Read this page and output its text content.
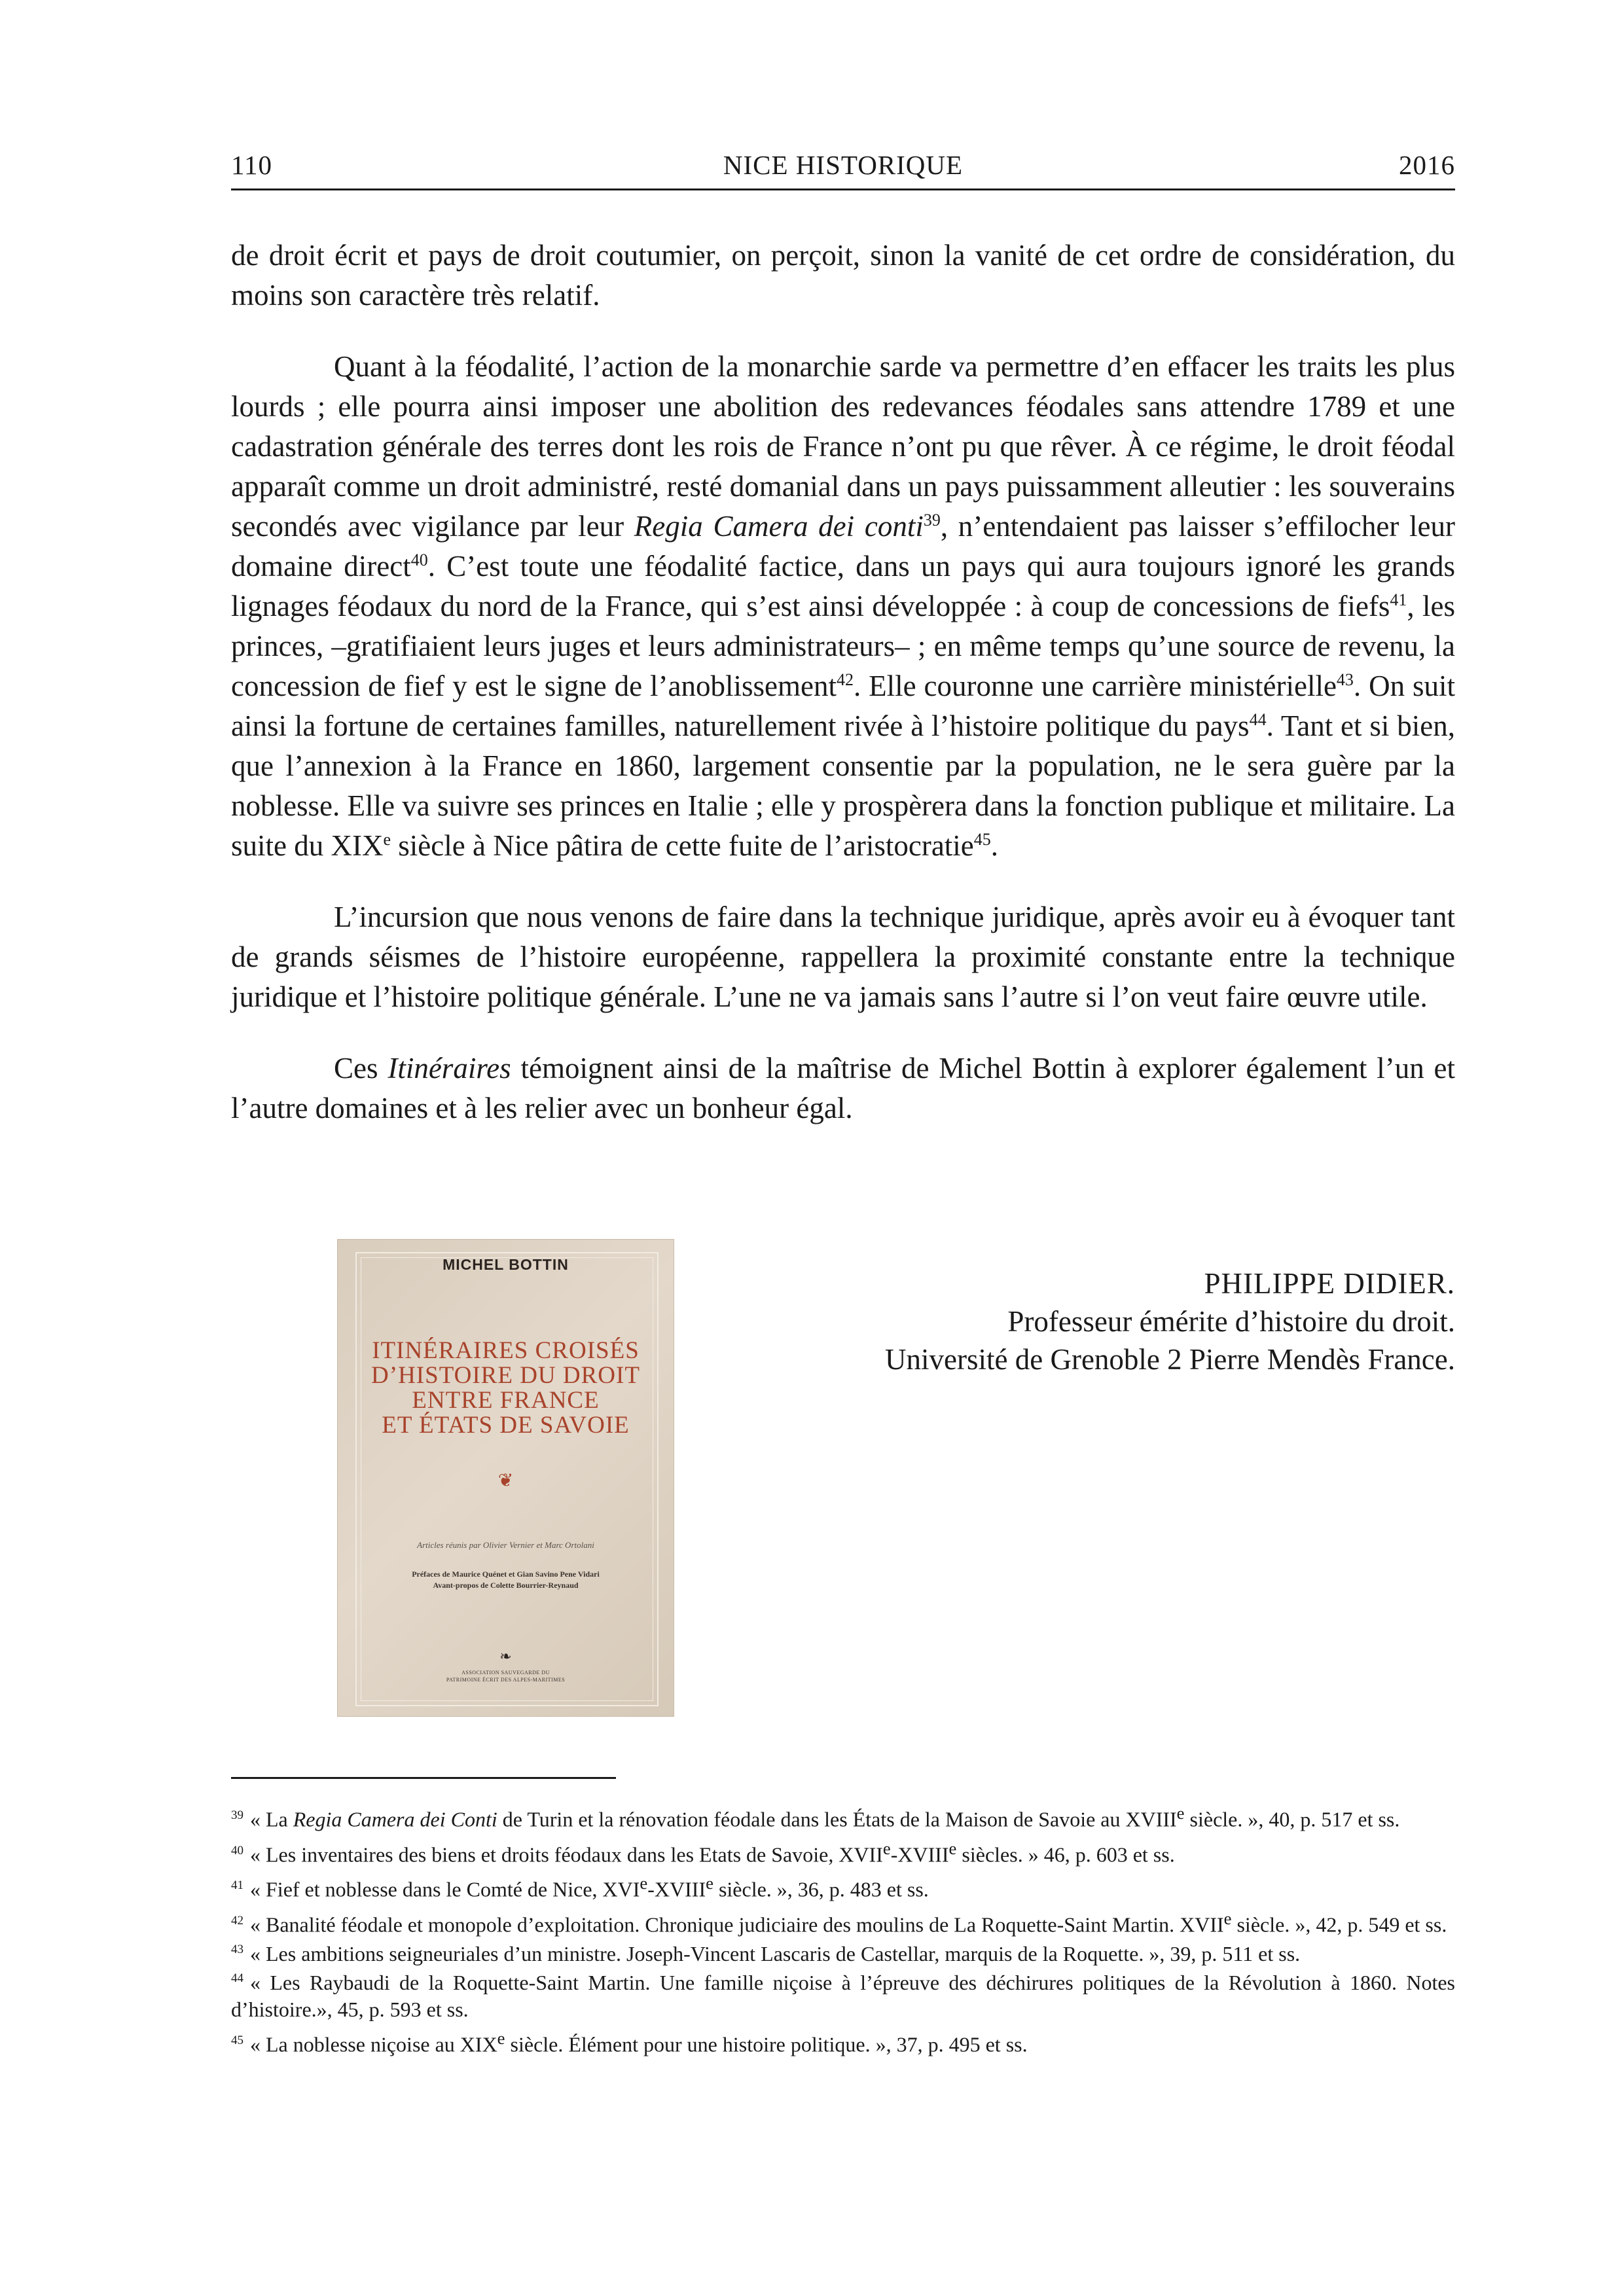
110	NICE HISTORIQUE	2016

de droit écrit et pays de droit coutumier, on perçoit, sinon la vanité de cet ordre de considération, du moins son caractère très relatif.

Quant à la féodalité, l’action de la monarchie sarde va permettre d’en effacer les traits les plus lourds ; elle pourra ainsi imposer une abolition des redevances féodales sans attendre 1789 et une cadastration générale des terres dont les rois de France n’ont pu que rêver. À ce régime, le droit féodal apparaît comme un droit administré, resté domanial dans un pays puissamment alleutier : les souverains secondés avec vigilance par leur Regia Camera dei conti$^{39}$, n’entendaient pas laisser s’effilocher leur domaine direct$^{40}$. C’est toute une féodalité factice, dans un pays qui aura toujours ignoré les grands lignages féodaux du nord de la France, qui s’est ainsi développée : à coup de concessions de fiefs$^{41}$, les princes, –gratifiaient leurs juges et leurs administrateurs– ; en même temps qu’une source de revenu, la concession de fief y est le signe de l’anoblissement$^{42}$. Elle couronne une carrière ministérielle$^{43}$. On suit ainsi la fortune de certaines familles, naturellement rivée à l’histoire politique du pays$^{44}$. Tant et si bien, que l’annexion à la France en 1860, largement consentie par la population, ne le sera guère par la noblesse. Elle va suivre ses princes en Italie ; elle y prospèrera dans la fonction publique et militaire. La suite du XIXe siècle à Nice pâtira de cette fuite de l’aristocratie$^{45}$.

L’incursion que nous venons de faire dans la technique juridique, après avoir eu à évoquer tant de grands séismes de l’histoire européenne, rappellera la proximité constante entre la technique juridique et l’histoire politique générale. L’une ne va jamais sans l’autre si l’on veut faire œuvre utile.

Ces Itinéraires témoignent ainsi de la maîtrise de Michel Bottin à explorer également l’un et l’autre domaines et à les relier avec un bonheur égal.

MICHEL BOTTIN
ITINÉRAIRES CROISÉS
D’HISTOIRE DU DROIT
ENTRE FRANCE
ET ÉTATS DE SAVOIE
❦
Articles réunis par Olivier Vernier et Marc Ortolani
Préfaces de Maurice Quénet et Gian Savino Pene Vidari
Avant-propos de Colette Bourrier-Reynaud
❧
ASSOCIATION SAUVEGARDE DU
PATRIMOINE ÉCRIT DES ALPES-MARITIMES
PHILIPPE DIDIER.
Professeur émérite d’histoire du droit.
Université de Grenoble 2 Pierre Mendès France.

$^{39}$ « La Regia Camera dei Conti de Turin et la rénovation féodale dans les États de la Maison de Savoie au XVIIIe siècle. », 40, p. 517 et ss.

$^{40}$ « Les inventaires des biens et droits féodaux dans les Etats de Savoie, XVIIe-XVIIIe siècles. » 46, p. 603 et ss.

$^{41}$ « Fief et noblesse dans le Comté de Nice, XVIe-XVIIIe siècle. », 36, p. 483 et ss.

$^{42}$ « Banalité féodale et monopole d’exploitation. Chronique judiciaire des moulins de La Roquette-Saint Martin. XVIIe siècle. », 42, p. 549 et ss.

$^{43}$ « Les ambitions seigneuriales d’un ministre. Joseph-Vincent Lascaris de Castellar, marquis de la Roquette. », 39, p. 511 et ss.

$^{44}$ « Les Raybaudi de la Roquette-Saint Martin. Une famille niçoise à l’épreuve des déchirures politiques de la Révolution à 1860. Notes d’histoire.», 45, p. 593 et ss.

$^{45}$ « La noblesse niçoise au XIXe siècle. Élément pour une histoire politique. », 37, p. 495 et ss.
